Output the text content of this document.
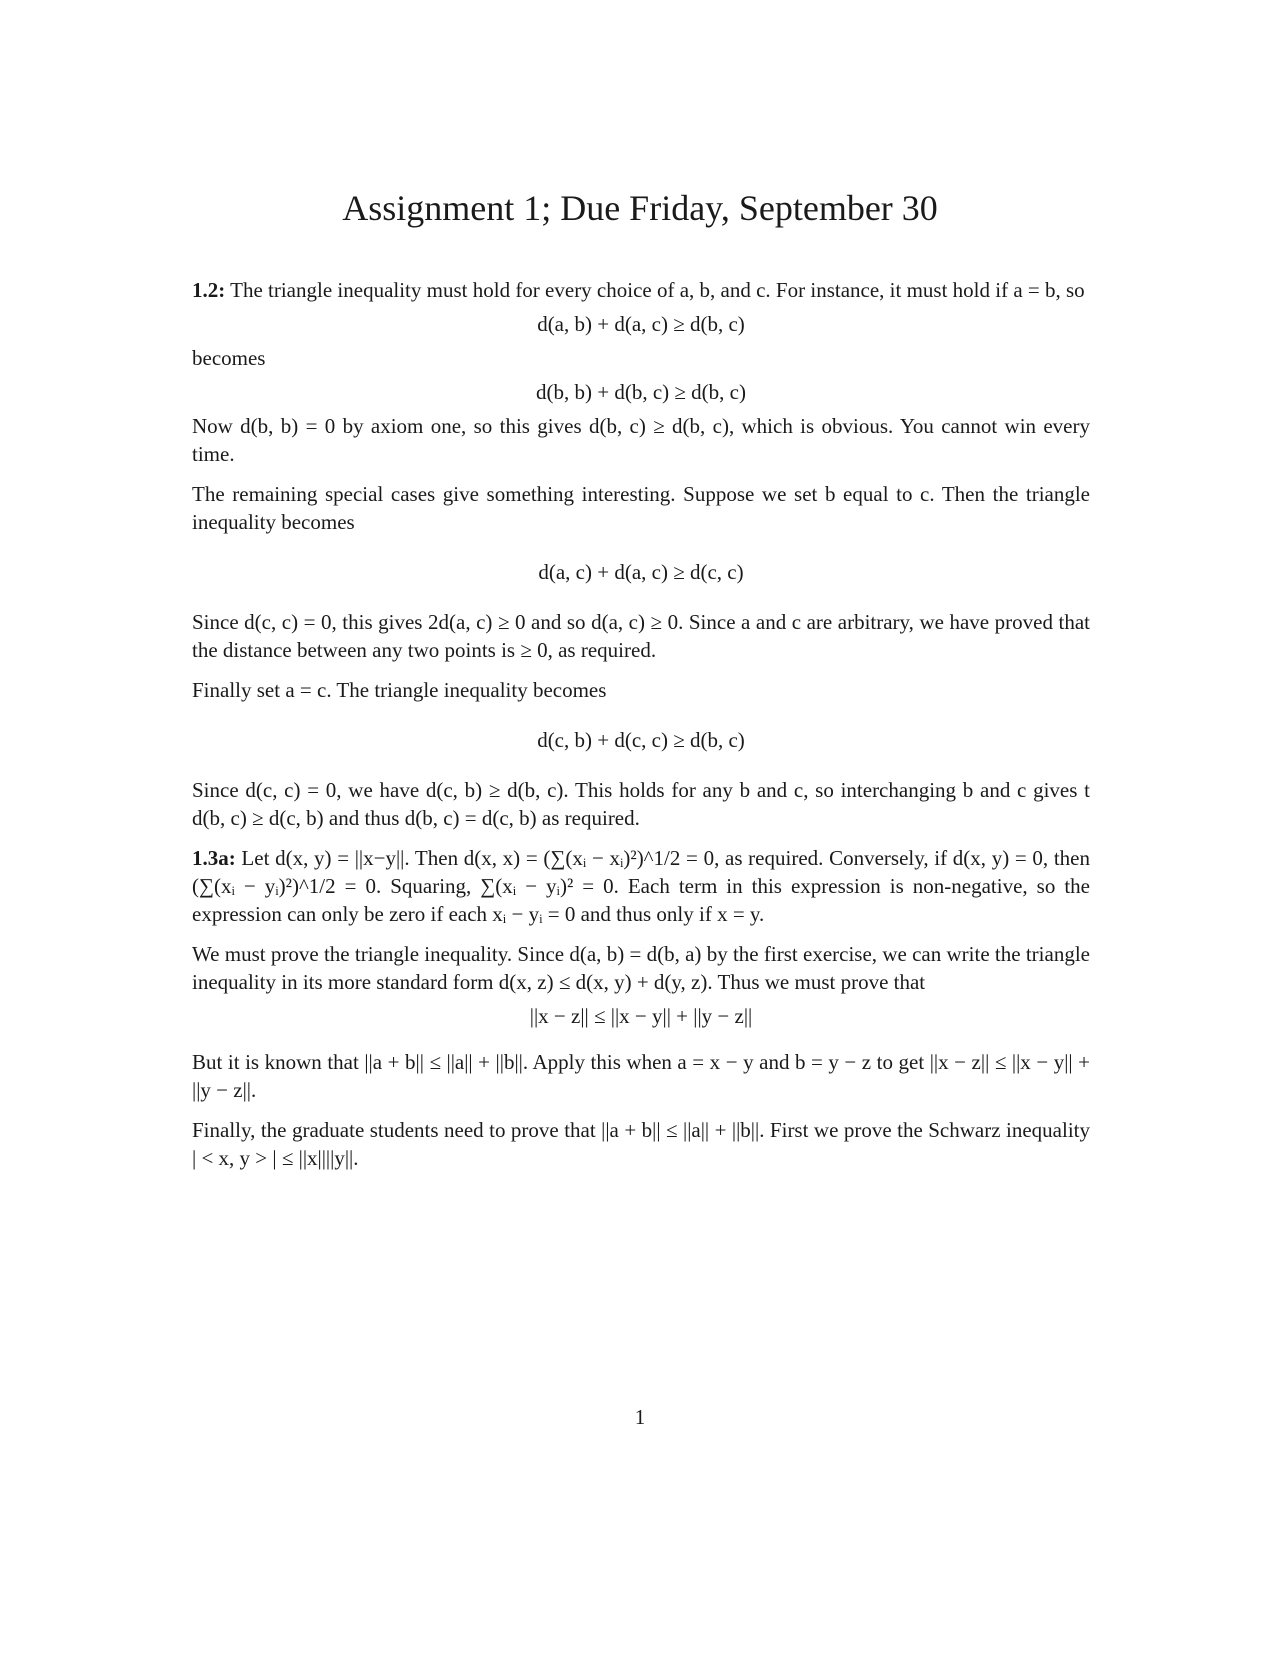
Assignment 1; Due Friday, September 30

1.2: The triangle inequality must hold for every choice of a, b, and c. For instance, it must hold if a = b, so

d(a, b) + d(a, c) ≥ d(b, c)

becomes

d(b, b) + d(b, c) ≥ d(b, c)

Now d(b, b) = 0 by axiom one, so this gives d(b, c) ≥ d(b, c), which is obvious. You cannot win every time.

The remaining special cases give something interesting. Suppose we set b equal to c. Then the triangle inequality becomes

d(a, c) + d(a, c) ≥ d(c, c)

Since d(c, c) = 0, this gives 2d(a, c) ≥ 0 and so d(a, c) ≥ 0. Since a and c are arbitrary, we have proved that the distance between any two points is ≥ 0, as required.

Finally set a = c. The triangle inequality becomes

d(c, b) + d(c, c) ≥ d(b, c)

Since d(c, c) = 0, we have d(c, b) ≥ d(b, c). This holds for any b and c, so interchanging b and c gives t d(b, c) ≥ d(c, b) and thus d(b, c) = d(c, b) as required.

1.3a: Let d(x, y) = ||x−y||. Then d(x, x) = (∑(xᵢ − xᵢ)²)^1/2 = 0, as required. Conversely, if d(x, y) = 0, then (∑(xᵢ − yᵢ)²)^1/2 = 0. Squaring, ∑(xᵢ − yᵢ)² = 0. Each term in this expression is non-negative, so the expression can only be zero if each xᵢ − yᵢ = 0 and thus only if x = y.

We must prove the triangle inequality. Since d(a, b) = d(b, a) by the first exercise, we can write the triangle inequality in its more standard form d(x, z) ≤ d(x, y) + d(y, z). Thus we must prove that

||x − z|| ≤ ||x − y|| + ||y − z||

But it is known that ||a + b|| ≤ ||a|| + ||b||. Apply this when a = x − y and b = y − z to get ||x − z|| ≤ ||x − y|| + ||y − z||.

Finally, the graduate students need to prove that ||a + b|| ≤ ||a|| + ||b||. First we prove the Schwarz inequality | < x, y > | ≤ ||x||||y||.

1
